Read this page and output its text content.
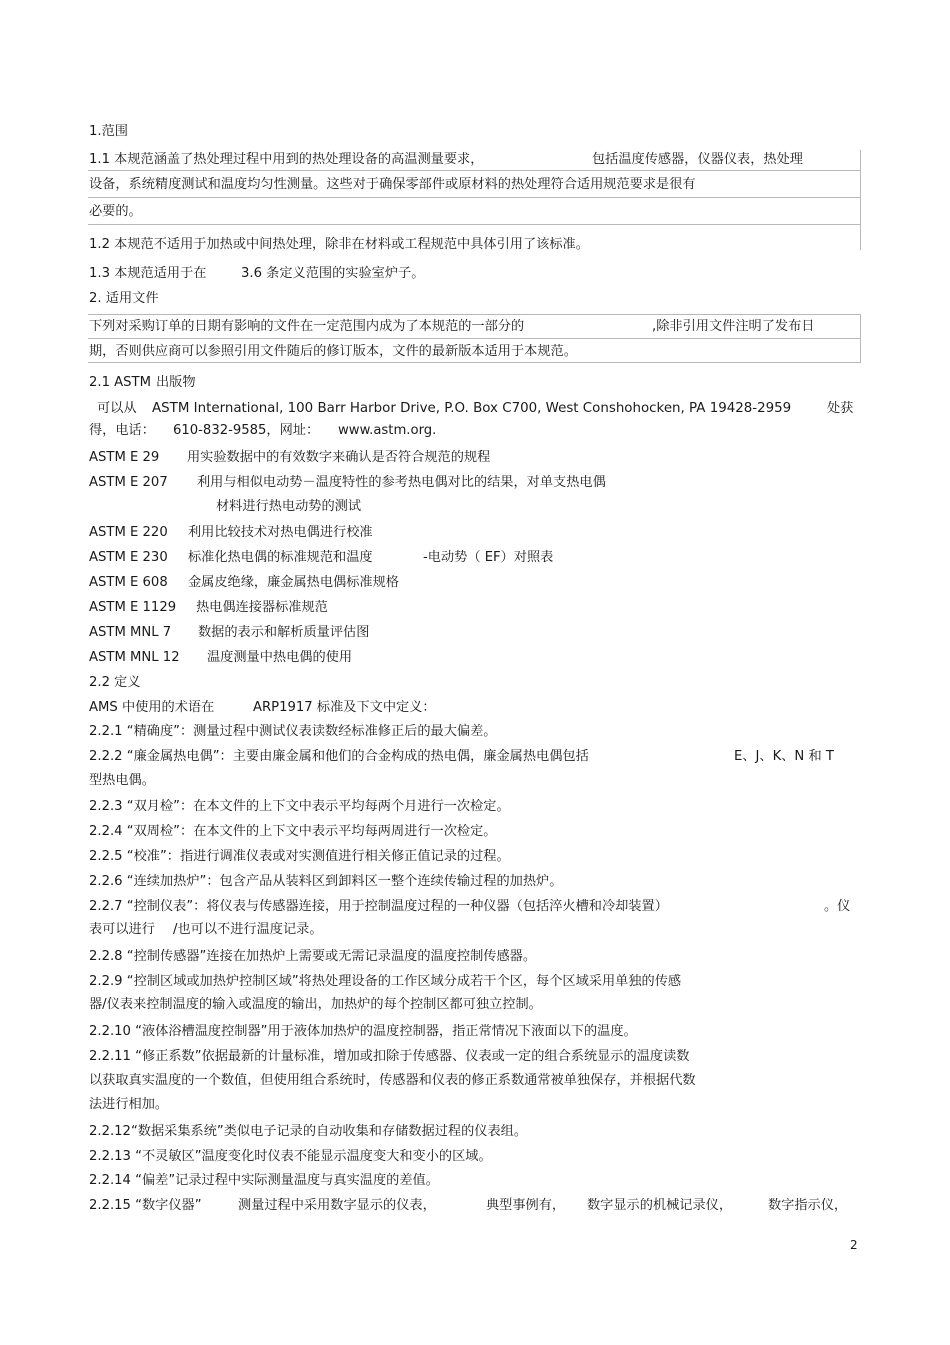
1.范围
1.1 本规范涵盖了热处理过程中用到的热处理设备的高温测量要求，	包括温度传感器，仪器仪表，热处理
设备，系统精度测试和温度均匀性测量。这些对于确保零部件或原材料的热处理符合适用规范要求是很有
必要的。
1.2 本规范不适用于加热或中间热处理，除非在材料或工程规范中具体引用了该标准。
1.3 本规范适用于在	3.6 条定义范围的实验室炉子。
2. 适用文件
下列对采购订单的日期有影响的文件在一定范围内成为了本规范的一部分的	,除非引用文件注明了发布日
期，否则供应商可以参照引用文件随后的修订版本，文件的最新版本适用于本规范。
2.1 ASTM 出版物
可以从 ASTM International, 100 Barr Harbor Drive, P.O. Box C700, West Conshohocken, PA 19428-2959	处获
得，电话： 610-832-9585，网址： www.astm.org.
ASTM E 29 用实验数据中的有效数字来确认是否符合规范的规程
ASTM E 207 利用与相似电动势－温度特性的参考热电偶对比的结果，对单支热电偶
材料进行热电动势的测试
ASTM E 220 利用比较技术对热电偶进行校准
ASTM E 230 标准化热电偶的标准规范和温度	-电动势（ EF）对照表
ASTM E 608 金属皮绝缘，廉金属热电偶标准规格
ASTM E 1129 热电偶连接器标准规范
ASTM MNL 7 数据的表示和解析质量评估图
ASTM MNL 12 温度测量中热电偶的使用
2.2 定义
AMS 中使用的术语在	ARP1917 标准及下文中定义：
2.2.1 “精确度”：测量过程中测试仪表读数经标准修正后的最大偏差。
2.2.2 “廉金属热电偶”：主要由廉金属和他们的合金构成的热电偶，廉金属热电偶包括	E、J、K、N 和 T
型热电偶。
2.2.3 “双月检”：在本文件的上下文中表示平均每两个月进行一次检定。
2.2.4 “双周检”：在本文件的上下文中表示平均每两周进行一次检定。
2.2.5 “校准”：指进行调准仪表或对实测值进行相关修正值记录的过程。
2.2.6 “连续加热炉”：包含产品从装料区到卸料区一整个连续传输过程的加热炉。
2.2.7 “控制仪表”：将仪表与传感器连接，用于控制温度过程的一种仪器（包括淬火槽和冷却装置）	。仪
表可以进行 /也可以不进行温度记录。
2.2.8 “控制传感器”连接在加热炉上需要或无需记录温度的温度控制传感器。
2.2.9 “控制区域或加热炉控制区域”将热处理设备的工作区域分成若干个区，每个区域采用单独的传感
器/仪表来控制温度的输入或温度的输出，加热炉的每个控制区都可独立控制。
2.2.10 “液体浴槽温度控制器”用于液体加热炉的温度控制器，指正常情况下液面以下的温度。
2.2.11 “修正系数”依据最新的计量标准，增加或扣除于传感器、仪表或一定的组合系统显示的温度读数
以获取真实温度的一个数值，但使用组合系统时，传感器和仪表的修正系数通常被单独保存，并根据代数
法进行相加。
2.2.12“数据采集系统”类似电子记录的自动收集和存储数据过程的仪表组。
2.2.13 “不灵敏区”温度变化时仪表不能显示温度变大和变小的区域。
2.2.14 “偏差”记录过程中实际测量温度与真实温度的差值。
2.2.15 “数字仪器”	测量过程中采用数字显示的仪表，	典型事例有， 数字显示的机械记录仪，	数字指示仪，
2
